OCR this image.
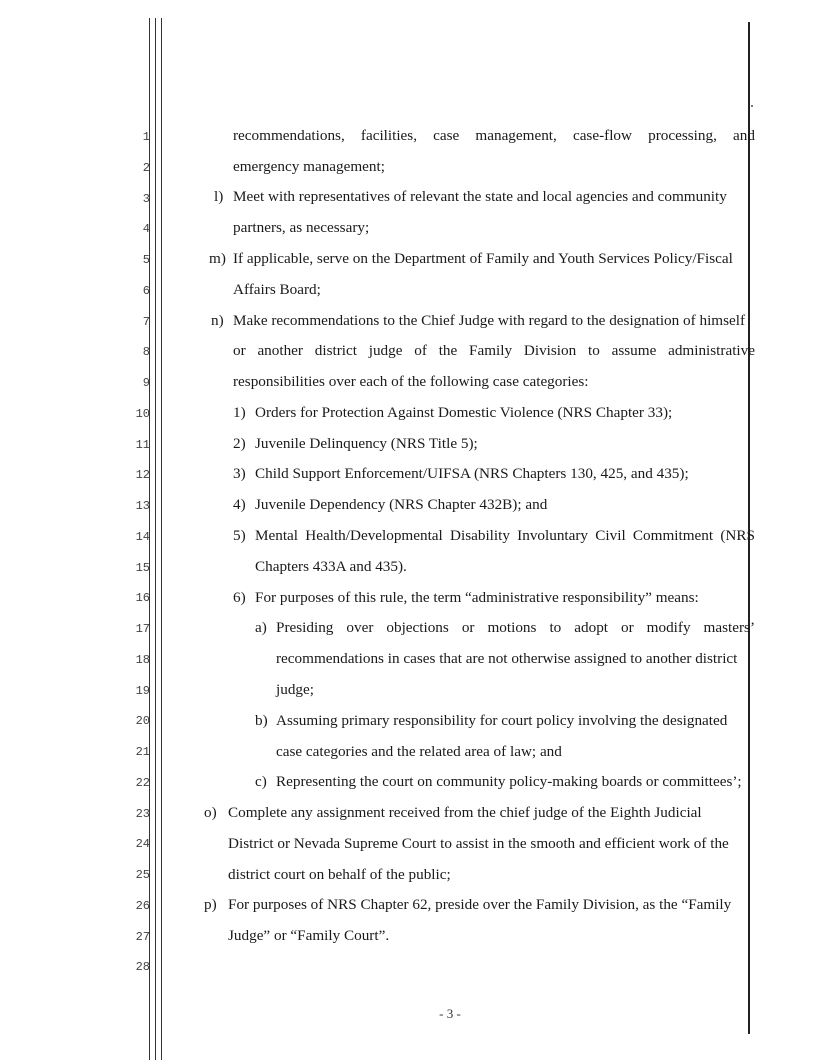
1
2
3
4
5
6
7
8
9
10
11
12
13
14
15
16
17
18
19
20
21
22
23
24
25
26
27
28
recommendations, facilities, case management, case-flow processing, and
emergency management;
l) Meet with representatives of relevant the state and local agencies and community
partners, as necessary;
m) If applicable, serve on the Department of Family and Youth Services Policy/Fiscal
Affairs Board;
n) Make recommendations to the Chief Judge with regard to the designation of himself
or another district judge of the Family Division to assume administrative
responsibilities over each of the following case categories:
1) Orders for Protection Against Domestic Violence (NRS Chapter 33);
2) Juvenile Delinquency (NRS Title 5);
3) Child Support Enforcement/UIFSA (NRS Chapters 130, 425, and 435);
4) Juvenile Dependency (NRS Chapter 432B); and
5) Mental Health/Developmental Disability Involuntary Civil Commitment (NRS
Chapters 433A and 435).
6) For purposes of this rule, the term “administrative responsibility” means:
a) Presiding over objections or motions to adopt or modify masters’
recommendations in cases that are not otherwise assigned to another district
judge;
b) Assuming primary responsibility for court policy involving the designated
case categories and the related area of law; and
c) Representing the court on community policy-making boards or committees’;
o) Complete any assignment received from the chief judge of the Eighth Judicial
District or Nevada Supreme Court to assist in the smooth and efficient work of the
district court on behalf of the public;
p) For purposes of NRS Chapter 62, preside over the Family Division, as the “Family
Judge” or “Family Court”.
- 3 -
